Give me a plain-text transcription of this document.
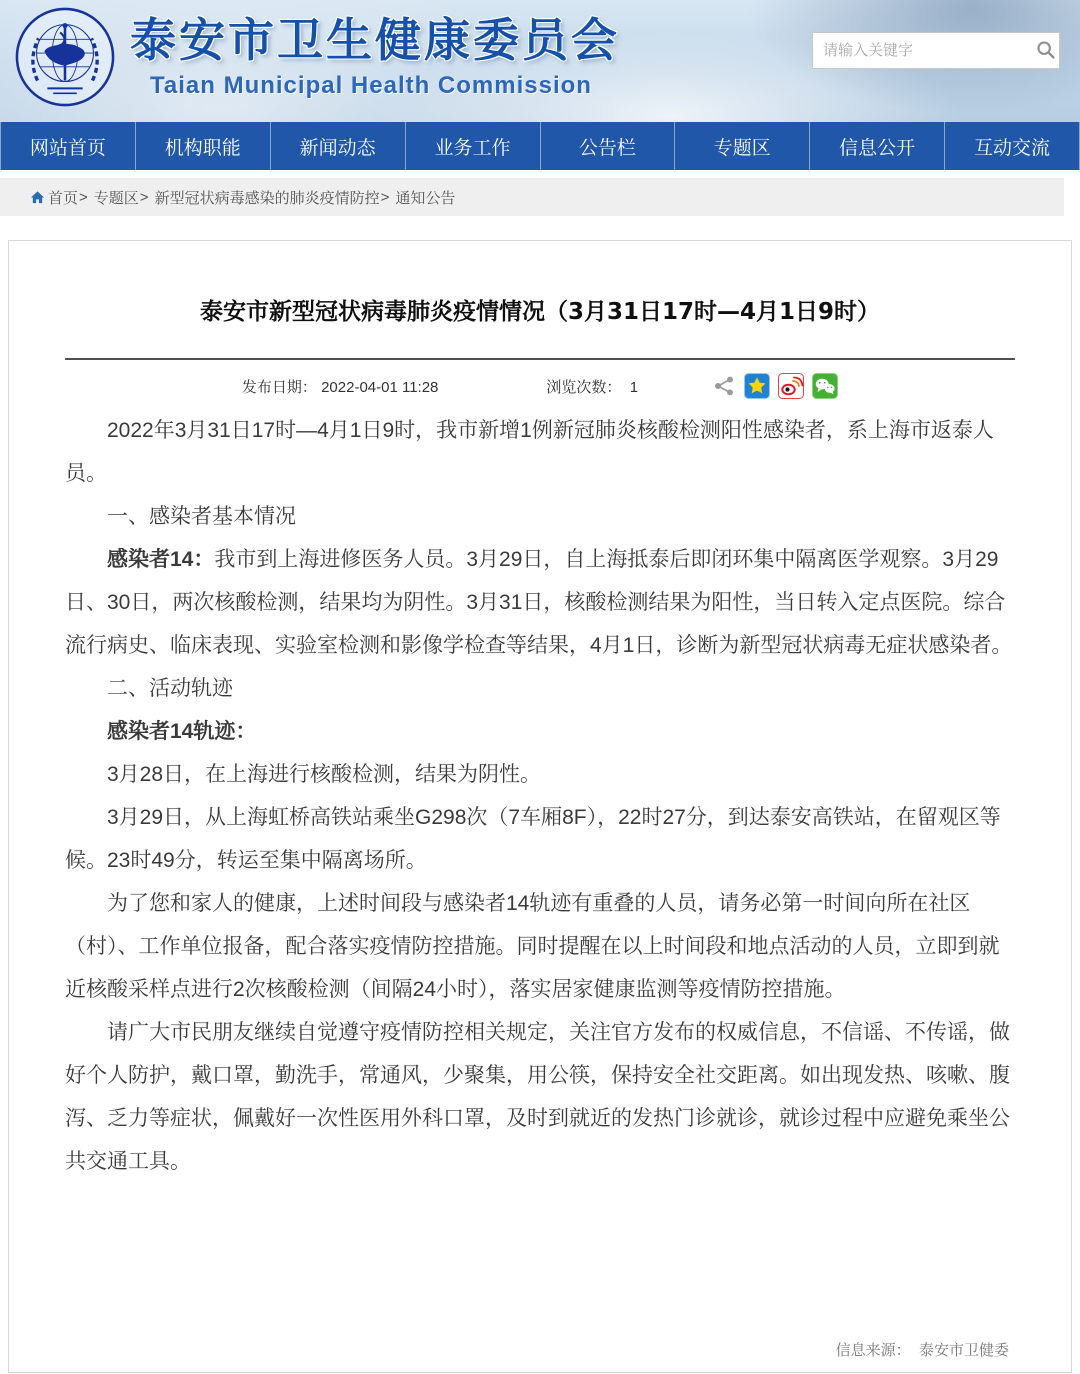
泰安市卫生健康委员会
Taian Municipal Health Commission
请输入关键字
网站首页	机构职能	新闻动态	业务工作	公告栏	专题区	信息公开	互动交流
首页 > 专题区 > 新型冠状病毒感染的肺炎疫情防控 > 通知公告
泰安市新型冠状病毒肺炎疫情情况（3月31日17时—4月1日9时）
发布日期： 2022-04-01 11:28	浏览次数： 1

2022年3月31日17时—4月1日9时，我市新增1例新冠肺炎核酸检测阳性感染者，系上海市返泰人员。

一、感染者基本情况

感染者14：我市到上海进修医务人员。3月29日，自上海抵泰后即闭环集中隔离医学观察。3月29日、30日，两次核酸检测，结果均为阴性。3月31日，核酸检测结果为阳性，当日转入定点医院。综合流行病史、临床表现、实验室检测和影像学检查等结果，4月1日，诊断为新型冠状病毒无症状感染者。

二、活动轨迹

感染者14轨迹：

3月28日，在上海进行核酸检测，结果为阴性。

3月29日，从上海虹桥高铁站乘坐G298次（7车厢8F），22时27分，到达泰安高铁站，在留观区等候。23时49分，转运至集中隔离场所。

为了您和家人的健康，上述时间段与感染者14轨迹有重叠的人员，请务必第一时间向所在社区（村）、工作单位报备，配合落实疫情防控措施。同时提醒在以上时间段和地点活动的人员，立即到就近核酸采样点进行2次核酸检测（间隔24小时），落实居家健康监测等疫情防控措施。

请广大市民朋友继续自觉遵守疫情防控相关规定，关注官方发布的权威信息，不信谣、不传谣，做好个人防护，戴口罩，勤洗手，常通风，少聚集，用公筷，保持安全社交距离。如出现发热、咳嗽、腹泻、乏力等症状，佩戴好一次性医用外科口罩，及时到就近的发热门诊就诊，就诊过程中应避免乘坐公共交通工具。

信息来源： 泰安市卫健委
